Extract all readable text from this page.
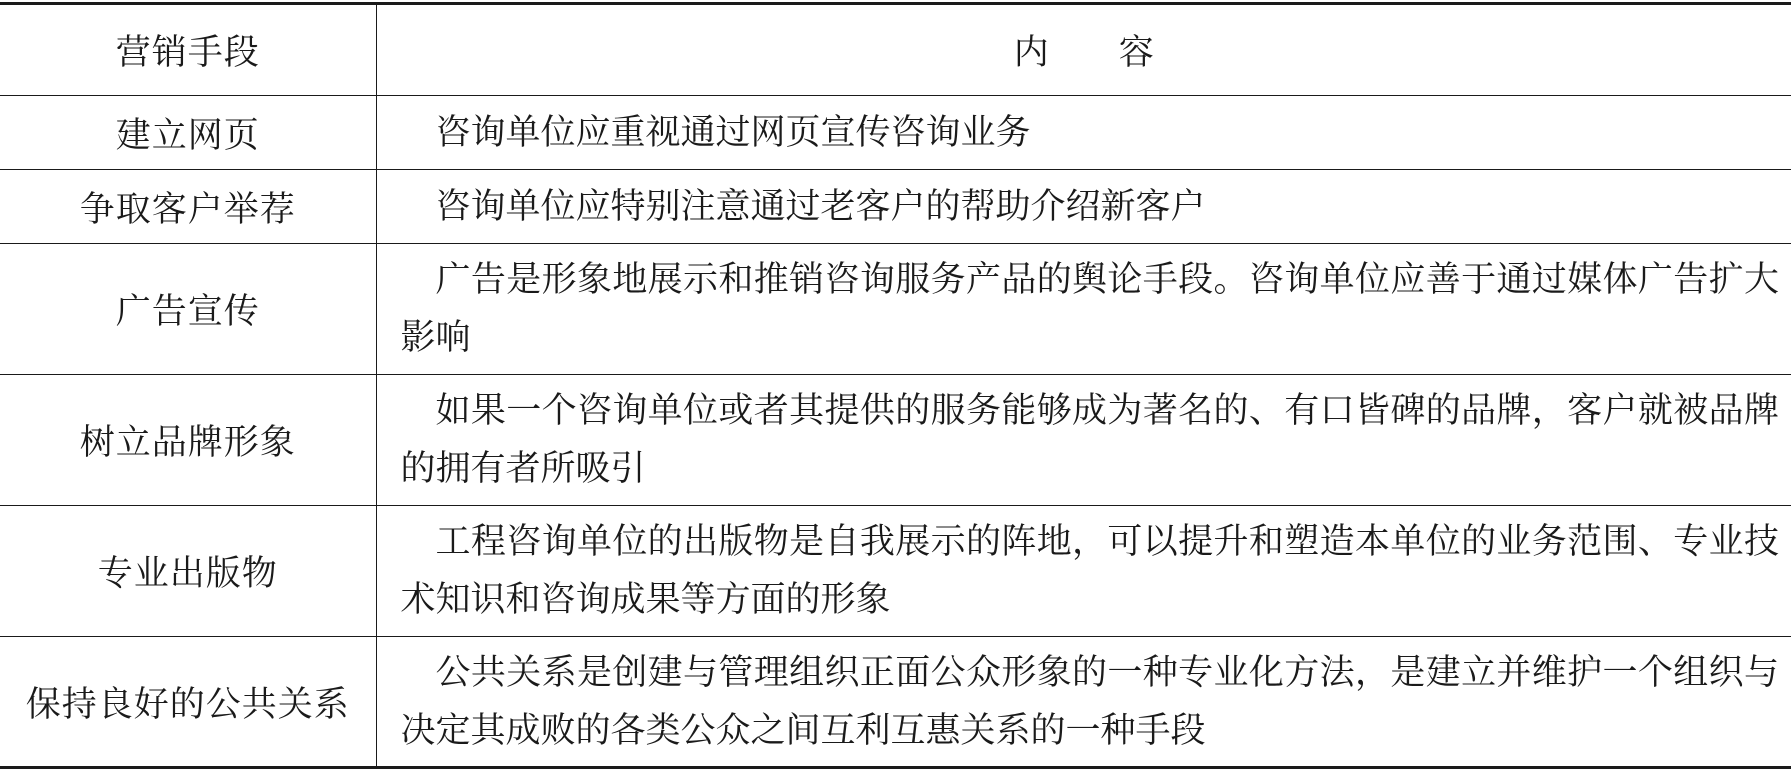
营销手段	内容
建立网页	咨询单位应重视通过网页宣传咨询业务

争取客户举荐	咨询单位应特别注意通过老客户的帮助介绍新客户

广告宣传	广告是形象地展示和推销咨询服务产品的舆论手段。咨询单位应善于通过媒体广告扩大影响

树立品牌形象	如果一个咨询单位或者其提供的服务能够成为著名的、有口皆碑的品牌，客户就被品牌的拥有者所吸引

专业出版物	工程咨询单位的出版物是自我展示的阵地，可以提升和塑造本单位的业务范围、专业技术知识和咨询成果等方面的形象

保持良好的公共关系	公共关系是创建与管理组织正面公众形象的一种专业化方法，是建立并维护一个组织与决定其成败的各类公众之间互利互惠关系的一种手段
